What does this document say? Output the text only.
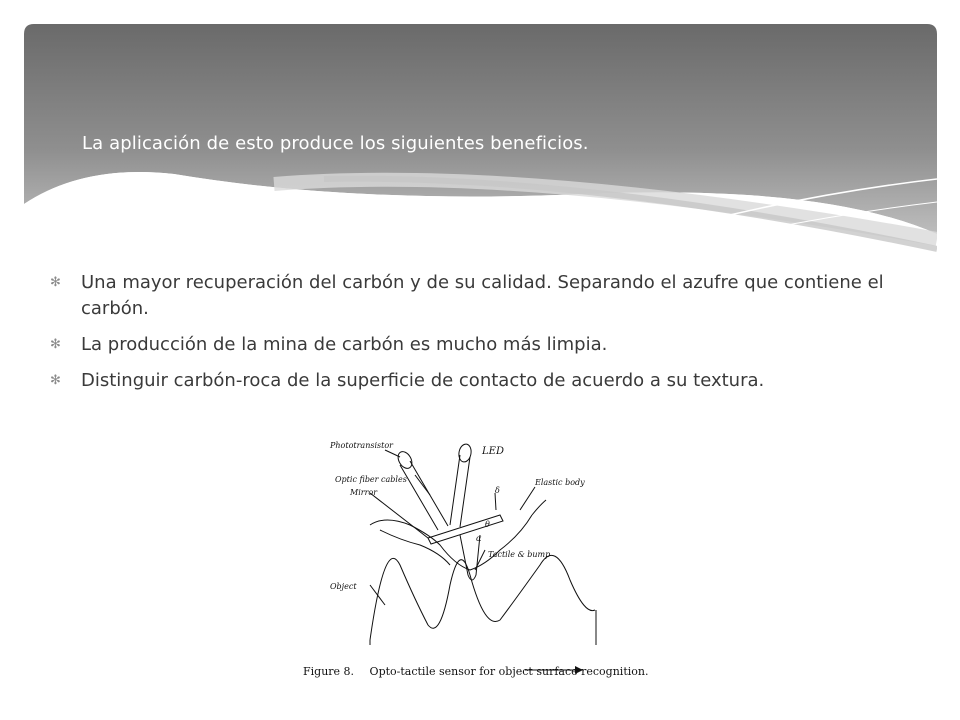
La aplicación de esto produce los siguientes beneficios.
✻ Una mayor recuperación del carbón y de su calidad. Separando el azufre que contiene el carbón.
✻ La producción de la mina de carbón es mucho más limpia.
✻ Distinguir carbón-roca de la superficie de contacto de acuerdo a su textura.
Phototransistor
LED
Optic fiber cables
Mirror
Elastic body
Tactile & bump
Object
δ
θ
α
Figure 8. Opto-tactile sensor for object surface recognition.
